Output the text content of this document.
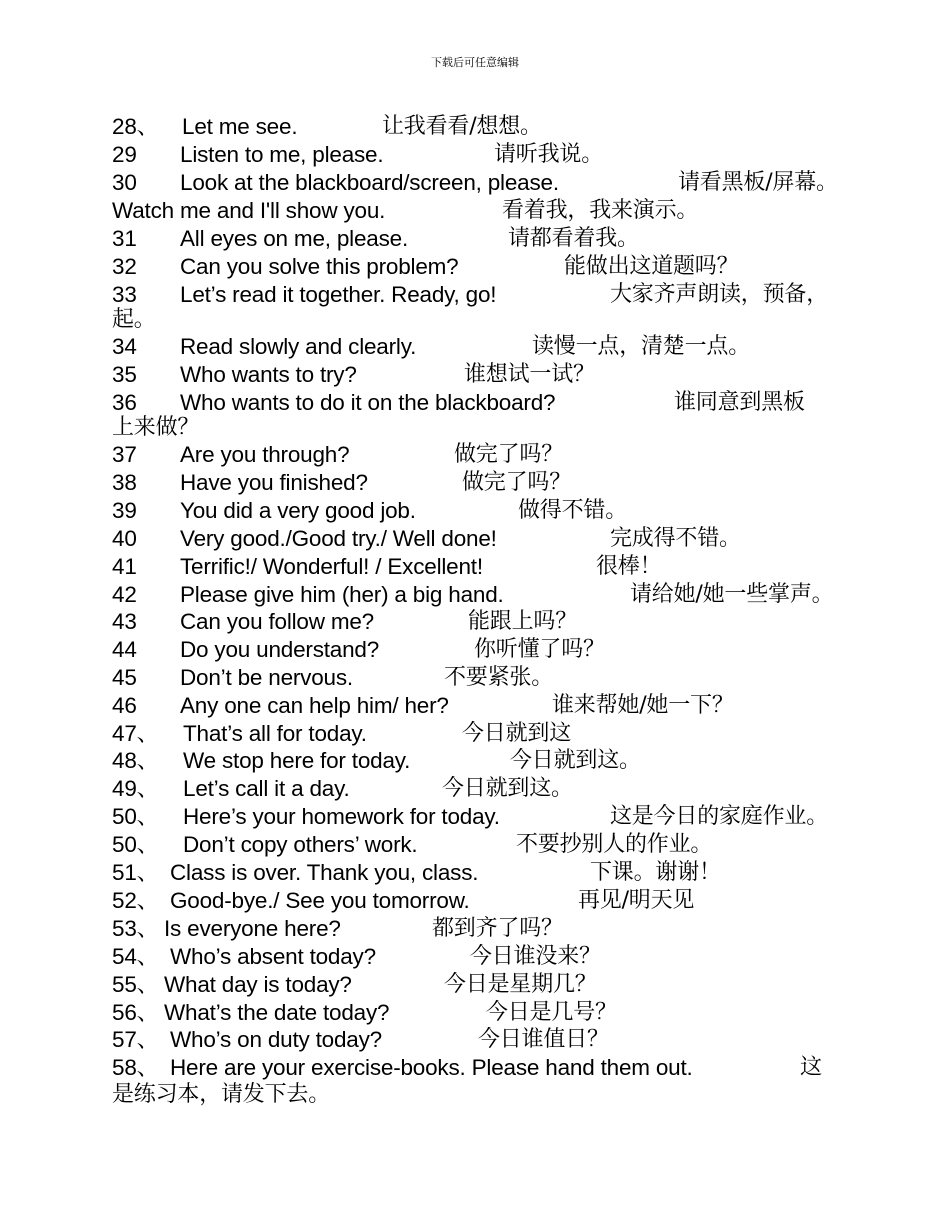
下载后可任意编辑
28、 Let me see.	让我看看/想想。
29 Listen to me, please.	请听我说。
30 Look at the blackboard/screen, please.	请看黑板/屏幕。
Watch me and I'll show you.	看着我，我来演示。
31 All eyes on me, please.	请都看着我。
32 Can you solve this problem?	能做出这道题吗？
33 Let’s read it together. Ready, go!	大家齐声朗读，预备，
起。
34 Read slowly and clearly.	读慢一点，清楚一点。
35 Who wants to try?	谁想试一试？
36 Who wants to do it on the blackboard?	谁同意到黑板
上来做？
37 Are you through?	做完了吗？
38 Have you finished?	做完了吗？
39 You did a very good job.	做得不错。
40 Very good./Good try./ Well done!	完成得不错。
41 Terrific!/ Wonderful! / Excellent!	很棒！
42 Please give him (her) a big hand.	请给她/她一些掌声。
43 Can you follow me?	能跟上吗？
44 Do you understand?	你听懂了吗？
45 Don’t be nervous.	不要紧张。
46 Any one can help him/ her?	谁来帮她/她一下？
47、 That’s all for today.	今日就到这
48、 We stop here for today.	今日就到这。
49、 Let’s call it a day.	今日就到这。
50、 Here’s your homework for today.	这是今日的家庭作业。
50、 Don’t copy others’ work.	不要抄别人的作业。
51、 Class is over. Thank you, class.	下课。谢谢！
52、 Good-bye./ See you tomorrow.	再见/明天见
53、 Is everyone here?	都到齐了吗？
54、 Who’s absent today?	今日谁没来？
55、 What day is today?	今日是星期几？
56、 What’s the date today?	今日是几号？
57、 Who’s on duty today?	今日谁值日？
58、 Here are your exercise-books. Please hand them out.	这
是练习本，请发下去。
